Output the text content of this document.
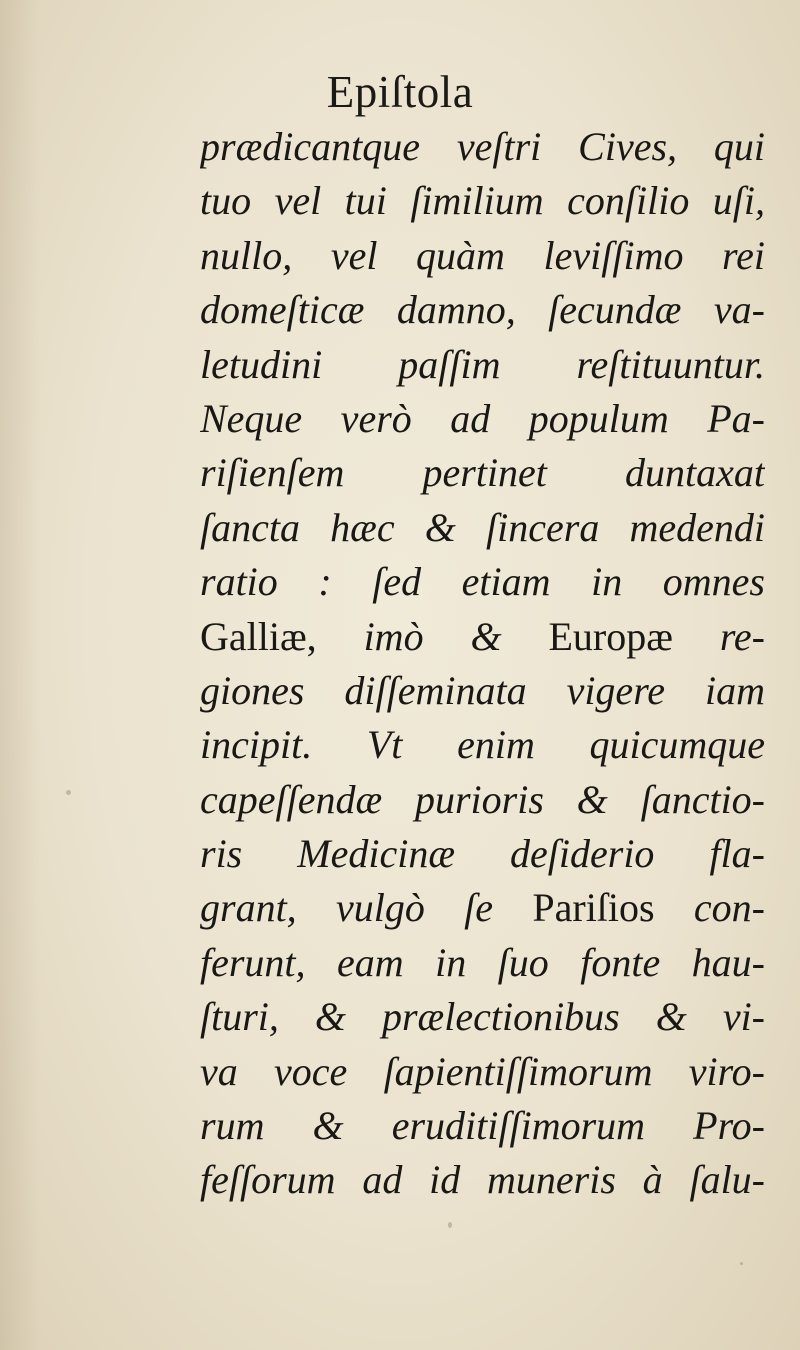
Epiſtola
prædicantque veſtri Cives, qui
tuo vel tui ſimilium conſilio uſi,
nullo, vel quàm leviſſimo rei
domeſticæ damno, ſecundæ va-
letudini paſſim reſtituuntur.
Neque verò ad populum Pa-
riſienſem pertinet duntaxat
ſancta hæc & ſincera medendi
ratio : ſed etiam in omnes
Galliæ, imò & Europæ re-
giones diſſeminata vigere iam
incipit. Vt enim quicumque
capeſſendæ purioris & ſanctio-
ris Medicinæ deſiderio fla-
grant, vulgò ſe Pariſios con-
ferunt, eam in ſuo fonte hau-
ſturi, & prælectionibus & vi-
va voce ſapientiſſimorum viro-
rum & eruditiſſimorum Pro-
feſſorum ad id muneris à ſalu-
